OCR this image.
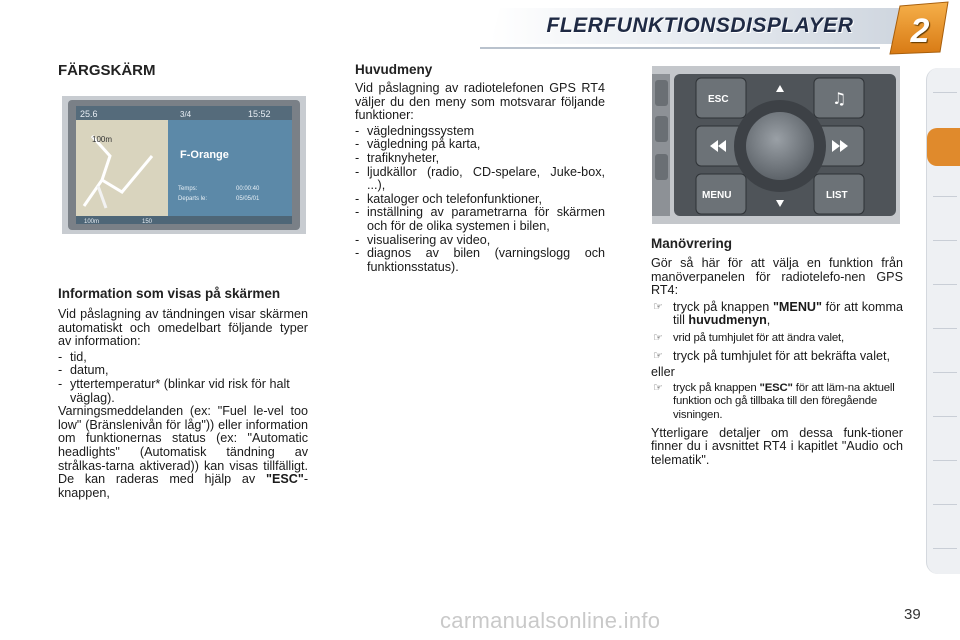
FLERFUNKTIONSDISPLAYER	2
FÄRGSKÄRM
25.6	3/4	15:52
100m
F-Orange
Temps:	00:00:40
Departs le:	05/05/01
100m	150
Information som visas på skärmen
Vid påslagning av tändningen visar skärmen automatiskt och omedelbart följande typer av information:
- tid,
- datum,
- yttertemperatur* (blinkar vid risk för halt väglag).
Varningsmeddelanden (ex: "Fuel le-vel too low" (Bränslenivån för låg")) eller information om funktionernas status (ex: "Automatic headlights" (Automatisk tändning av strålkas-tarna aktiverad)) kan visas tillfälligt. De kan raderas med hjälp av "ESC"-knappen,
Huvudmeny
Vid påslagning av radiotelefonen GPS RT4 väljer du den meny som motsvarar följande funktioner:
- vägledningssystem
- vägledning på karta,
- trafiknyheter,
- ljudkällor (radio, CD-spelare, Juke-box, ...),
- kataloger och telefonfunktioner,
- inställning av parametrarna för skärmen och för de olika systemen i bilen,
- visualisering av video,
- diagnos av bilen (varningslogg och funktionsstatus).
ESC
MENU
♫
LIST
Manövrering
Gör så här för att välja en funktion från manöverpanelen för radiotelefo-nen GPS RT4:
☞ tryck på knappen "MENU" för att komma till huvudmenyn,
☞ vrid på tumhjulet för att ändra valet,
☞ tryck på tumhjulet för att bekräfta valet,
eller
☞ tryck på knappen "ESC" för att läm-na aktuell funktion och gå tillbaka till den föregående visningen.
Ytterligare detaljer om dessa funk-tioner finner du i avsnittet RT4 i kapitlet "Audio och telematik".
carmanualsonline.info	39
